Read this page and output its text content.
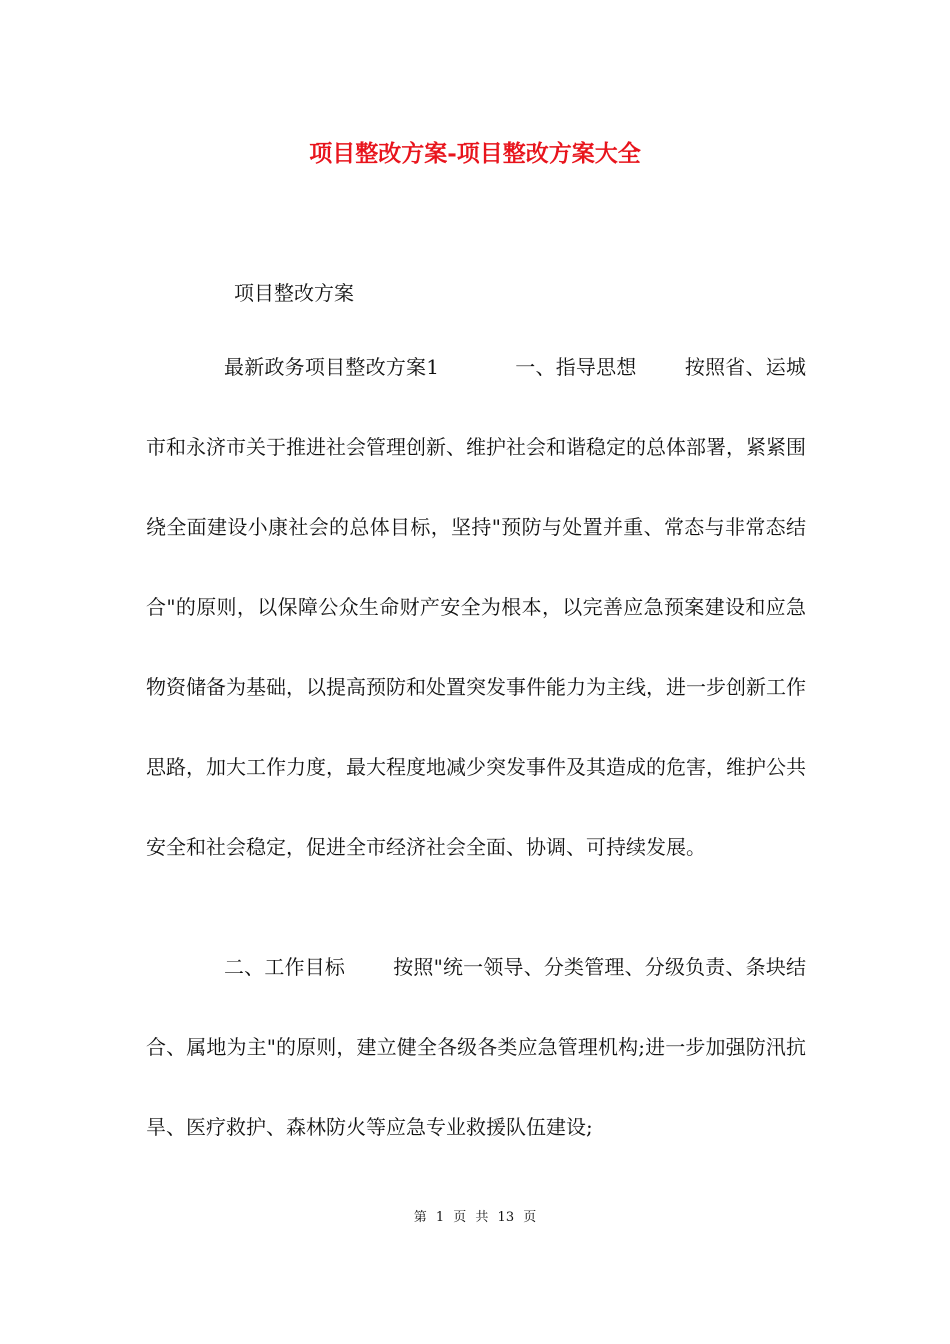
项目整改方案-项目整改方案大全
项目整改方案

最新政务项目整改方案1	一、指导思想 按照省、运城市和永济市关于推进社会管理创新、维护社会和谐稳定的总体部署，紧紧围绕全面建设小康社会的总体目标，坚持"预防与处置并重、常态与非常态结合"的原则，以保障公众生命财产安全为根本，以完善应急预案建设和应急物资储备为基础，以提高预防和处置突发事件能力为主线，进一步创新工作思路，加大工作力度，最大程度地减少突发事件及其造成的危害，维护公共安全和社会稳定，促进全市经济社会全面、协调、可持续发展。

二、工作目标 按照"统一领导、分类管理、分级负责、条块结合、属地为主"的原则，建立健全各级各类应急管理机构;进一步加强防汛抗旱、医疗救护、森林防火等应急专业救援队伍建设;

第 1 页 共 13 页
